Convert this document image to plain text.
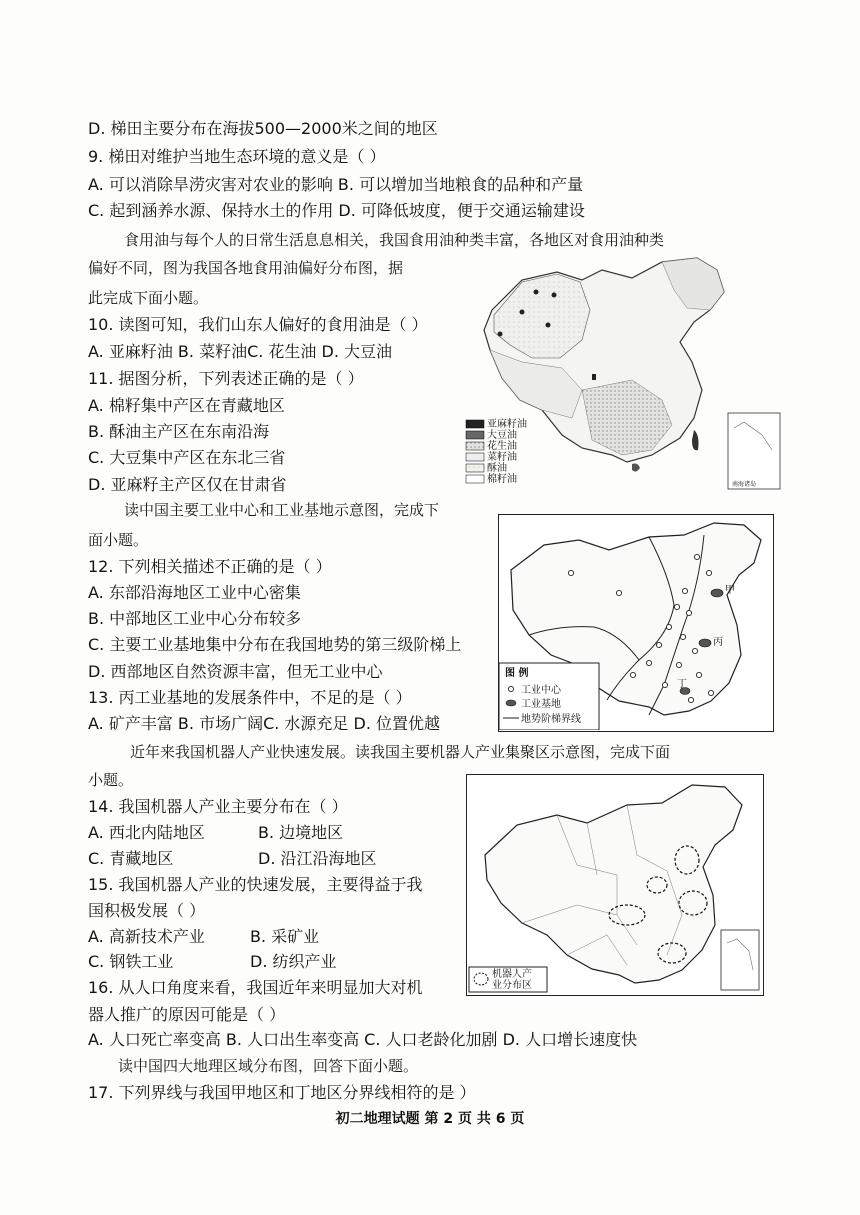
D. 梯田主要分布在海拔500—2000米之间的地区
9. 梯田对维护当地生态环境的意义是（ ）
A. 可以消除旱涝灾害对农业的影响 B. 可以增加当地粮食的品种和产量
C. 起到涵养水源、保持水土的作用 D. 可降低坡度，便于交通运输建设
食用油与每个人的日常生活息息相关，我国食用油种类丰富，各地区对食用油种类
偏好不同，图为我国各地食用油偏好分布图，据
此完成下面小题。
10. 读图可知，我们山东人偏好的食用油是（ ）
A. 亚麻籽油 B. 菜籽油C. 花生油 D. 大豆油
11. 据图分析，下列表述正确的是（ ）
A. 棉籽集中产区在青藏地区
B. 酥油主产区在东南沿海
C. 大豆集中产区在东北三省
D. 亚麻籽主产区仅在甘肃省
读中国主要工业中心和工业基地示意图，完成下
面小题。
12. 下列相关描述不正确的是（ ）
A. 东部沿海地区工业中心密集
B. 中部地区工业中心分布较多
C. 主要工业基地集中分布在我国地势的第三级阶梯上
D. 西部地区自然资源丰富，但无工业中心
13. 丙工业基地的发展条件中，不足的是（ ）
A. 矿产丰富 B. 市场广阔C. 水源充足 D. 位置优越
近年来我国机器人产业快速发展。读我国主要机器人产业集聚区示意图，完成下面
小题。
14. 我国机器人产业主要分布在（ ）
A. 西北内陆地区	B. 边境地区
C. 青藏地区	D. 沿江沿海地区
15. 我国机器人产业的快速发展，主要得益于我
国积极发展（ ）
A. 高新技术产业	B. 采矿业
C. 钢铁工业	D. 纺织产业
16. 从人口角度来看，我国近年来明显加大对机
器人推广的原因可能是（ ）
A. 人口死亡率变高 B. 人口出生率变高 C. 人口老龄化加剧 D. 人口增长速度快
读中国四大地理区域分布图，回答下面小题。
17. 下列界线与我国甲地区和丁地区分界线相符的是 ）
南海诸岛
亚麻籽油
大豆油
花生油
菜籽油
酥油
棉籽油
甲
丙
丁
图 例
工业中心
工业基地
地势阶梯界线
机器人产
业分布区
初二地理试题 第 2 页 共 6 页
